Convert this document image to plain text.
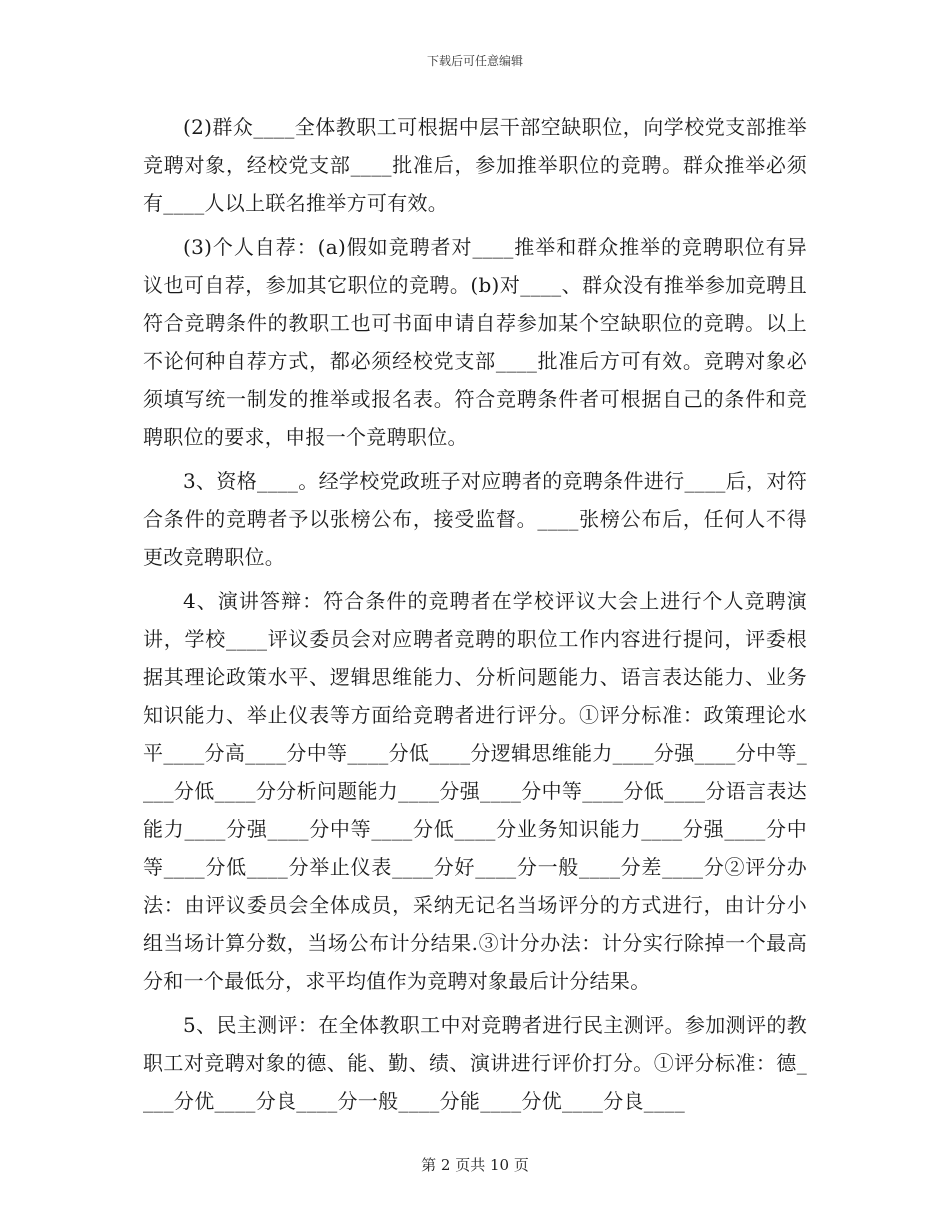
下载后可任意编辑

(2)群众____全体教职工可根据中层干部空缺职位，向学校党支部推举竞聘对象，经校党支部____批准后，参加推举职位的竞聘。群众推举必须有____人以上联名推举方可有效。

(3)个人自荐：(a)假如竞聘者对____推举和群众推举的竞聘职位有异议也可自荐，参加其它职位的竞聘。(b)对____、群众没有推举参加竞聘且符合竞聘条件的教职工也可书面申请自荐参加某个空缺职位的竞聘。以上不论何种自荐方式，都必须经校党支部____批准后方可有效。竞聘对象必须填写统一制发的推举或报名表。符合竞聘条件者可根据自己的条件和竞聘职位的要求，申报一个竞聘职位。

3、资格____。经学校党政班子对应聘者的竞聘条件进行____后，对符合条件的竞聘者予以张榜公布，接受监督。____张榜公布后，任何人不得更改竞聘职位。

4、演讲答辩：符合条件的竞聘者在学校评议大会上进行个人竞聘演讲，学校____评议委员会对应聘者竞聘的职位工作内容进行提问，评委根据其理论政策水平、逻辑思维能力、分析问题能力、语言表达能力、业务知识能力、举止仪表等方面给竞聘者进行评分。①评分标准：政策理论水平____分高____分中等____分低____分逻辑思维能力____分强____分中等____分低____分分析问题能力____分强____分中等____分低____分语言表达能力____分强____分中等____分低____分业务知识能力____分强____分中等____分低____分举止仪表____分好____分一般____分差____分②评分办法：由评议委员会全体成员，采纳无记名当场评分的方式进行，由计分小组当场计算分数，当场公布计分结果.③计分办法：计分实行除掉一个最高分和一个最低分，求平均值作为竞聘对象最后计分结果。

5、民主测评：在全体教职工中对竞聘者进行民主测评。参加测评的教职工对竞聘对象的德、能、勤、绩、演讲进行评价打分。①评分标准：德____分优____分良____分一般____分能____分优____分良____

第 2 页共 10 页
